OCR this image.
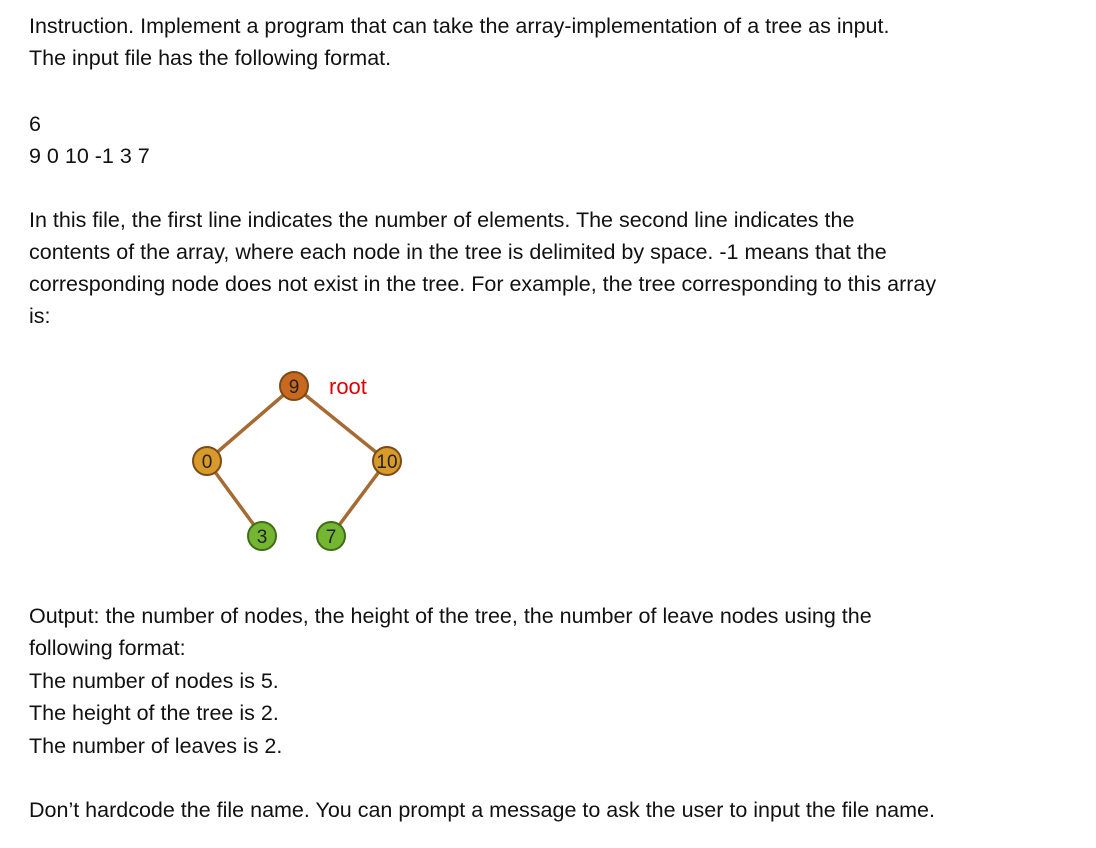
Instruction. Implement a program that can take the array-implementation of a tree as input.
The input file has the following format.
6
9 0 10 -1 3 7
In this file, the first line indicates the number of elements. The second line indicates the
contents of the array, where each node in the tree is delimited by space. -1 means that the
corresponding node does not exist in the tree. For example, the tree corresponding to this array
is:
9 root
0	10
3	7
Output: the number of nodes, the height of the tree, the number of leave nodes using the
following format:
The number of nodes is 5.
The height of the tree is 2.
The number of leaves is 2.
Don’t hardcode the file name. You can prompt a message to ask the user to input the file name.
